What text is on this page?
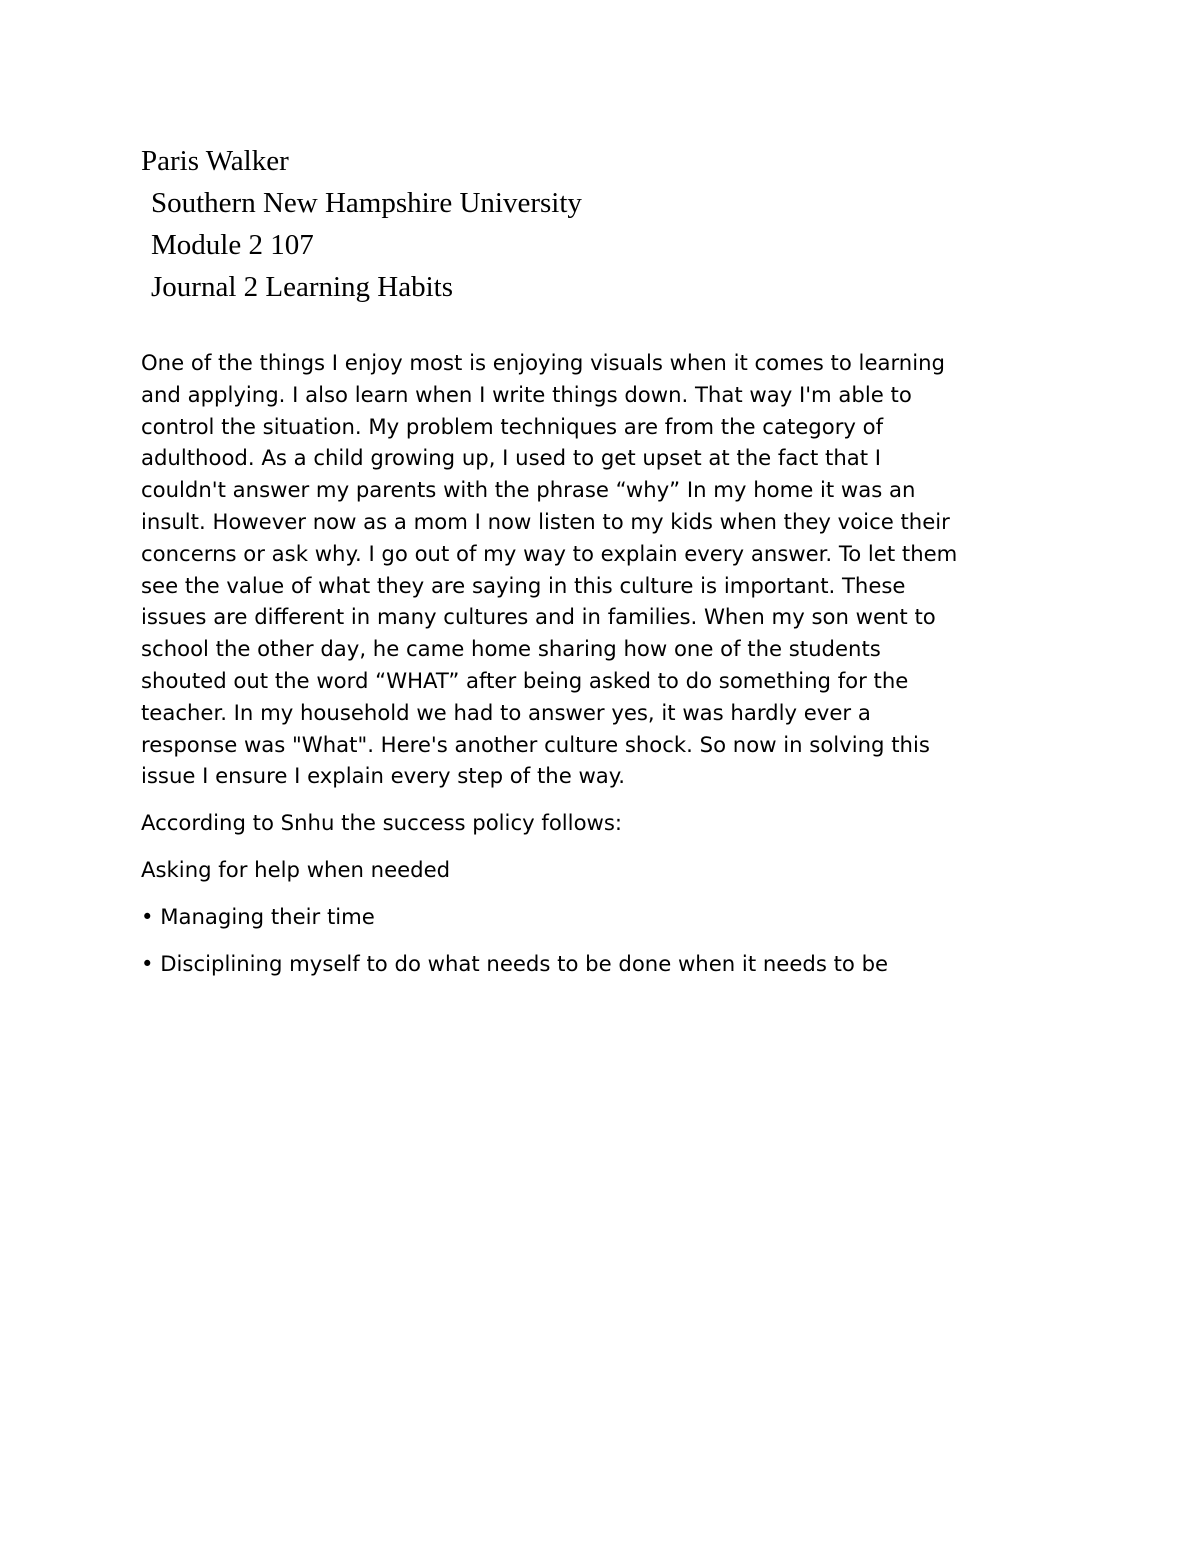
Paris Walker
Southern New Hampshire University
Module 2 107
Journal 2 Learning Habits
One of the things I enjoy most is enjoying visuals when it comes to learning
and applying. I also learn when I write things down. That way I'm able to
control the situation. My problem techniques are from the category of
adulthood. As a child growing up, I used to get upset at the fact that I
couldn't answer my parents with the phrase “why” In my home it was an
insult. However now as a mom I now listen to my kids when they voice their
concerns or ask why. I go out of my way to explain every answer. To let them
see the value of what they are saying in this culture is important. These
issues are different in many cultures and in families. When my son went to
school the other day, he came home sharing how one of the students
shouted out the word “WHAT” after being asked to do something for the
teacher. In my household we had to answer yes, it was hardly ever a
response was "What". Here's another culture shock. So now in solving this
issue I ensure I explain every step of the way.

According to Snhu the success policy follows:

Asking for help when needed

• Managing their time

• Disciplining myself to do what needs to be done when it needs to be
